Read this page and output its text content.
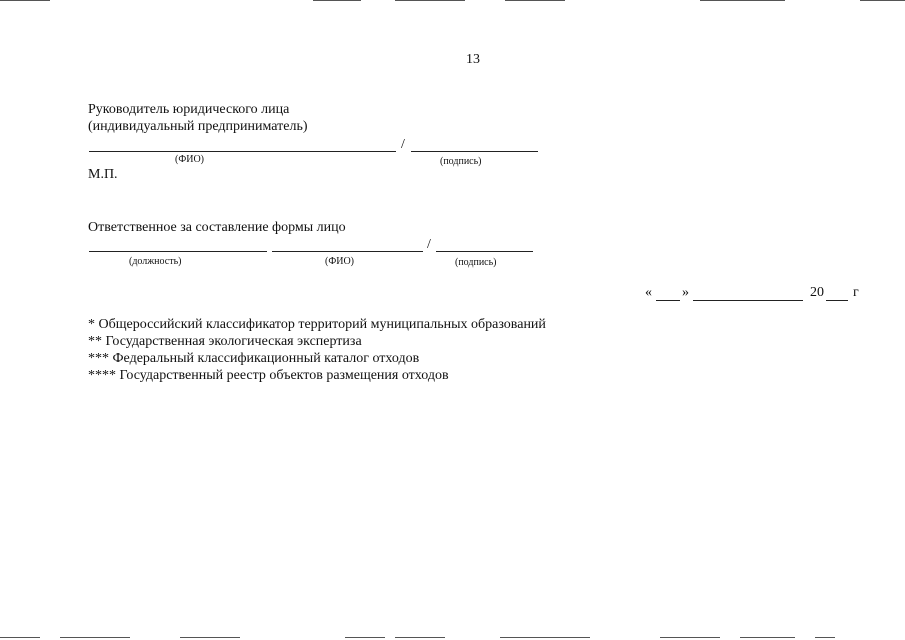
13
Руководитель юридического лица
(индивидуальный предприниматель)
/
(ФИО)	(подпись)
М.П.
Ответственное за составление формы лицо
/
(должность)	(ФИО)	(подпись)
« »	20 г
* Общероссийский классификатор территорий муниципальных образований
** Государственная экологическая экспертиза
*** Федеральный классификационный каталог отходов
**** Государственный реестр объектов размещения отходов
